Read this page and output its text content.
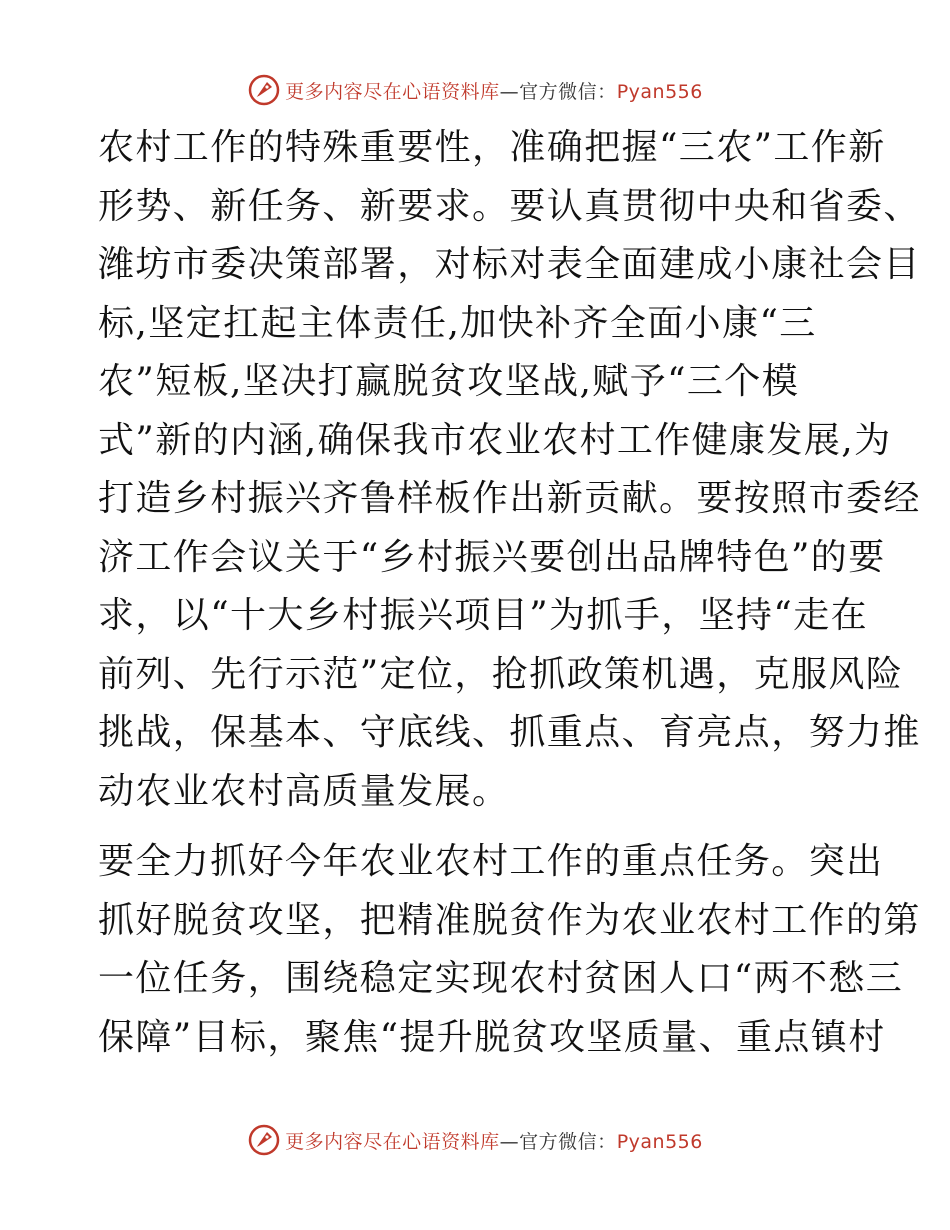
更多内容尽在心语资料库—官方微信：Pyan556
农村工作的特殊重要性，准确把握“三农”工作新
形势、新任务、新要求。要认真贯彻中央和省委、
潍坊市委决策部署，对标对表全面建成小康社会目
标,坚定扛起主体责任,加快补齐全面小康“三
农”短板,坚决打赢脱贫攻坚战,赋予“三个模
式”新的内涵,确保我市农业农村工作健康发展,为
打造乡村振兴齐鲁样板作出新贡献。要按照市委经
济工作会议关于“乡村振兴要创出品牌特色”的要
求，以“十大乡村振兴项目”为抓手，坚持“走在
前列、先行示范”定位，抢抓政策机遇，克服风险
挑战，保基本、守底线、抓重点、育亮点，努力推
动农业农村高质量发展。
要全力抓好今年农业农村工作的重点任务。突出
抓好脱贫攻坚，把精准脱贫作为农业农村工作的第
一位任务，围绕稳定实现农村贫困人口“两不愁三
保障”目标，聚焦“提升脱贫攻坚质量、重点镇村
更多内容尽在心语资料库—官方微信：Pyan556
